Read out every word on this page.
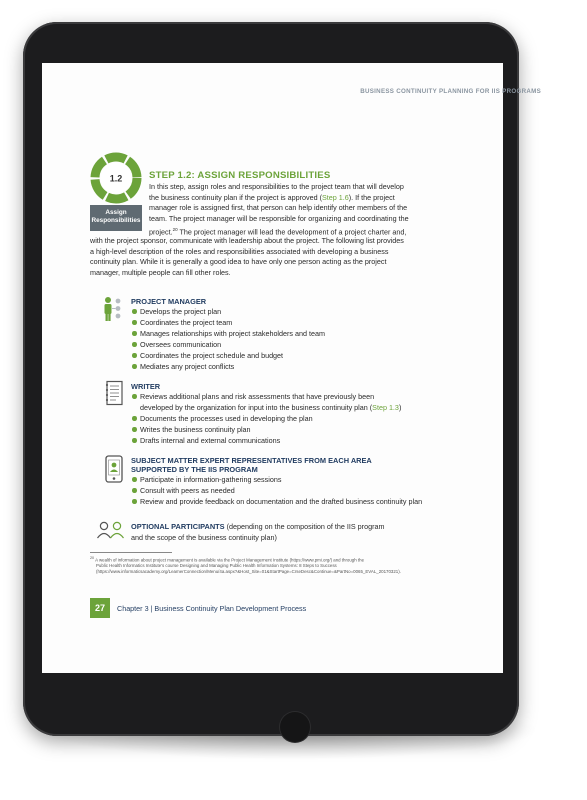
BUSINESS CONTINUITY PLANNING FOR IIS PROGRAMS
1.2
Assign
Responsibilities
STEP 1.2: ASSIGN RESPONSIBILITIES
In this step, assign roles and responsibilities to the project team that will develop
the business continuity plan if the project is approved (Step 1.6). If the project
manager role is assigned first, that person can help identify other members of the
team. The project manager will be responsible for organizing and coordinating the
project.$^{20}$ The project manager will lead the development of a project charter and,
with the project sponsor, communicate with leadership about the project. The following list provides
a high-level description of the roles and responsibilities associated with developing a business
continuity plan. While it is generally a good idea to have only one person acting as the project
manager, multiple people can fill other roles.
PROJECT MANAGER
Develops the project plan
Coordinates the project team
Manages relationships with project stakeholders and team
Oversees communication
Coordinates the project schedule and budget
Mediates any project conflicts
WRITER
Reviews additional plans and risk assessments that have previously been
developed by the organization for input into the business continuity plan (Step 1.3)
Documents the processes used in developing the plan
Writes the business continuity plan
Drafts internal and external communications
SUBJECT MATTER EXPERT REPRESENTATIVES FROM EACH AREA
SUPPORTED BY THE IIS PROGRAM
Participate in information-gathering sessions
Consult with peers as needed
Review and provide feedback on documentation and the drafted business continuity plan
OPTIONAL PARTICIPANTS (depending on the composition of the IIS program
and the scope of the business continuity plan)
$^{20}$ A wealth of information about project management is available via the Project Management Institute (https://www.pmi.org/) and through the
Public Health Informatics Institute's course Designing and Managing Public Health Information Systems: 8 Steps to Success
(https://www.informaticsacademy.org/LearnerConnection/Menu/4a.aspx?&Host_Site=01&StartPage=CrseDesc&Continue=&PartNo=0065_EVAL_20170321).
27	Chapter 3 | Business Continuity Plan Development Process
